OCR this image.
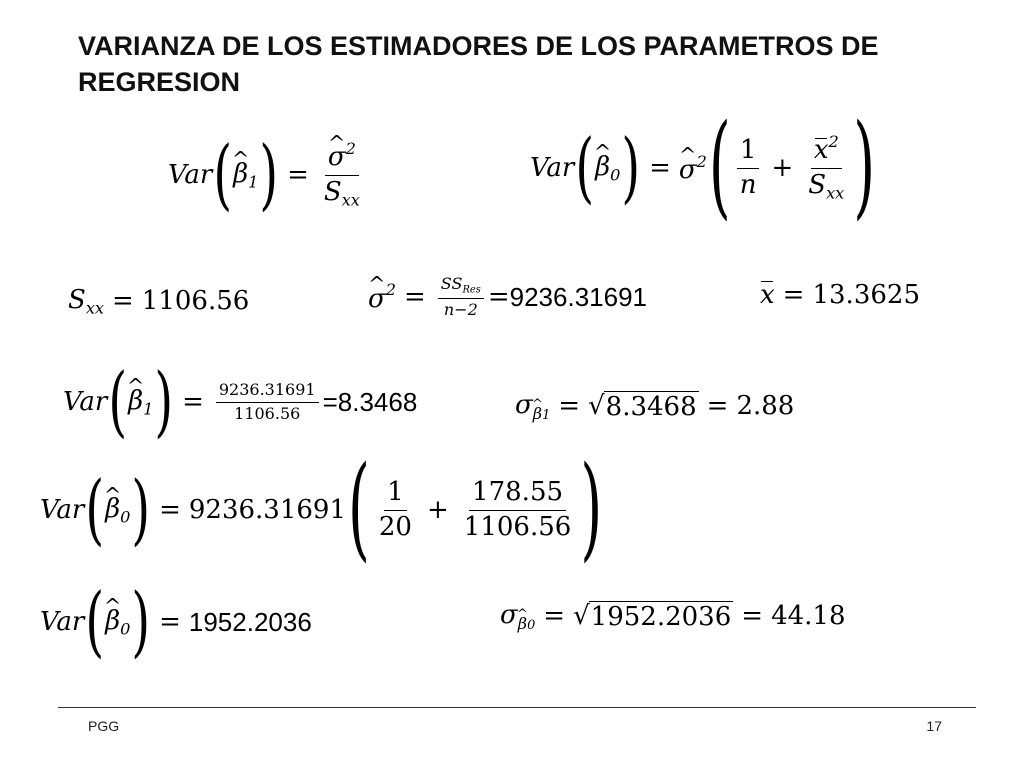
VARIANZA DE LOS ESTIMADORES DE LOS PARAMETROS DE REGRESION
Var ( ^ $\beta_1$ ) = ^ $\frac{\sigma^2}{S_{xx}}$	Var ( ^ $\beta_0$ ) = ^ $\sigma^2$ ( $\frac{1}{n} + \frac{x^2}{S_{xx}}$ )
$S_{xx} = 1106.56$	^ $\sigma^2 = \frac{SS_{Res}}{n-2} = 9236.31691$	x = 13.3625
Var ( ^ $\beta_1$ ) = $\frac{9236.31691}{1106.56} = 8.3468$	σ^ $_{\beta 1}$ = √ 8.3468 = 2.88
Var ( ^ $\beta_0$ ) = 9236.31691 ( $\frac{1}{20} + \frac{178.55}{1106.56}$ )
Var ( ^ $\beta_0$ ) = 1952.2036	σ^ $_{\beta 0}$ = √ 1952.2036 = 44.18
PGG	17
